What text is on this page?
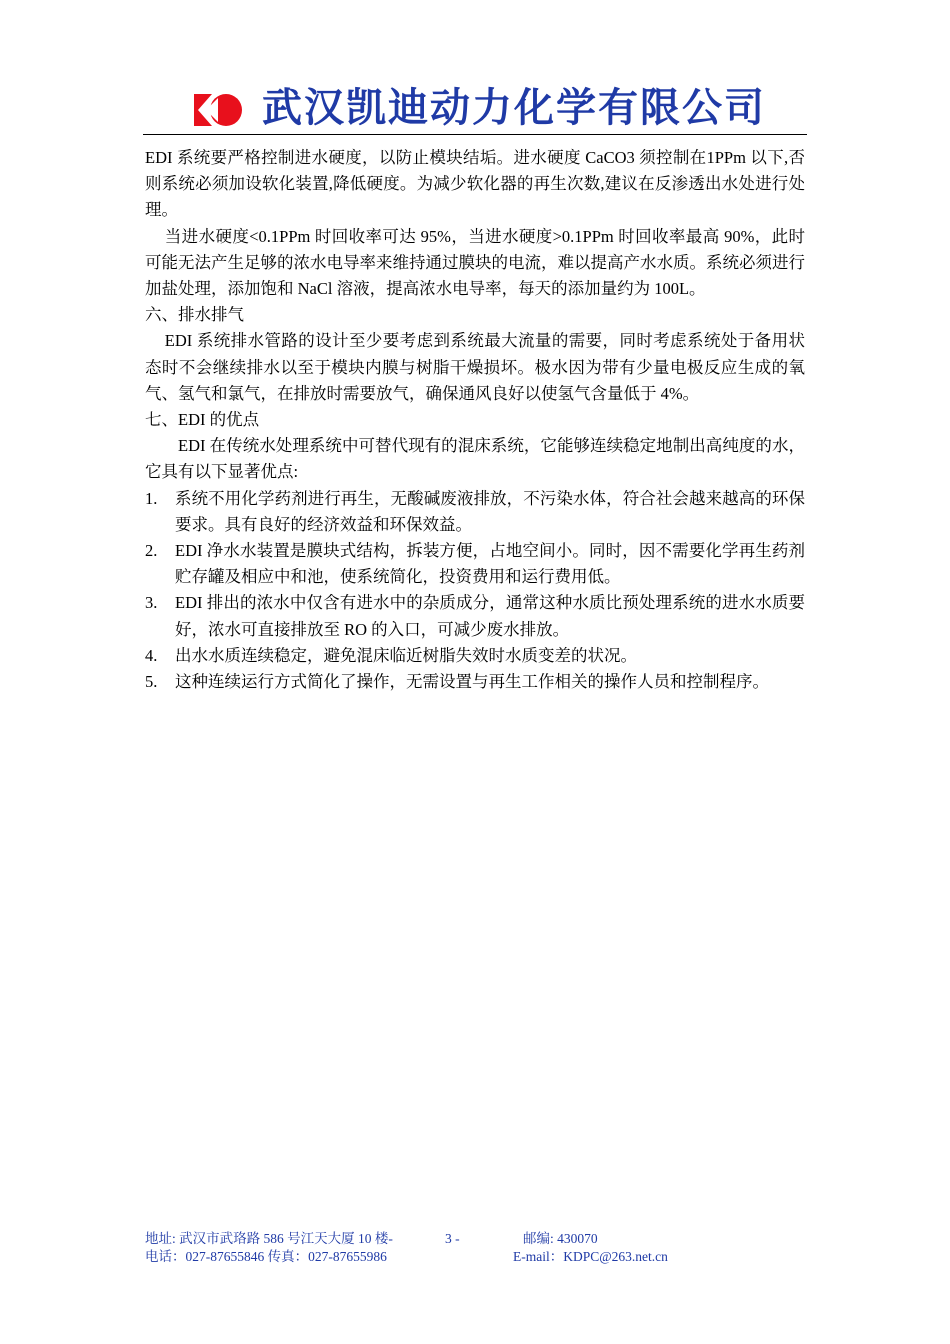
武汉凯迪动力化学有限公司

EDI 系统要严格控制进水硬度，以防止模块结垢。进水硬度 CaCO3 须控制在1PPm 以下,否则系统必须加设软化装置,降低硬度。为减少软化器的再生次数,建议在反渗透出水处进行处理。

当进水硬度<0.1PPm 时回收率可达 95%，当进水硬度>0.1PPm 时回收率最高 90%，此时可能无法产生足够的浓水电导率来维持通过膜块的电流，难以提高产水水质。系统必须进行加盐处理，添加饱和 NaCl 溶液，提高浓水电导率，每天的添加量约为 100L。

六、排水排气

EDI 系统排水管路的设计至少要考虑到系统最大流量的需要，同时考虑系统处于备用状态时不会继续排水以至于模块内膜与树脂干燥损坏。极水因为带有少量电极反应生成的氧气、氢气和氯气，在排放时需要放气，确保通风良好以使氢气含量低于 4%。

七、EDI 的优点

EDI 在传统水处理系统中可替代现有的混床系统，它能够连续稳定地制出高纯度的水，它具有以下显著优点:

1. 系统不用化学药剂进行再生，无酸碱废液排放，不污染水体，符合社会越来越高的环保要求。具有良好的经济效益和环保效益。
2. EDI 净水水装置是膜块式结构，拆装方便，占地空间小。同时，因不需要化学再生药剂贮存罐及相应中和池，使系统简化，投资费用和运行费用低。
3. EDI 排出的浓水中仅含有进水中的杂质成分，通常这种水质比预处理系统的进水水质要好，浓水可直接排放至 RO 的入口，可减少废水排放。
4. 出水水质连续稳定，避免混床临近树脂失效时水质变差的状况。
5. 这种连续运行方式简化了操作，无需设置与再生工作相关的操作人员和控制程序。
地址: 武汉市武珞路 586 号江天大厦 10 楼-	3 -	邮编: 430070
电话：027-87655846 传真：027-87655986	E-mail：KDPC@263.net.cn
